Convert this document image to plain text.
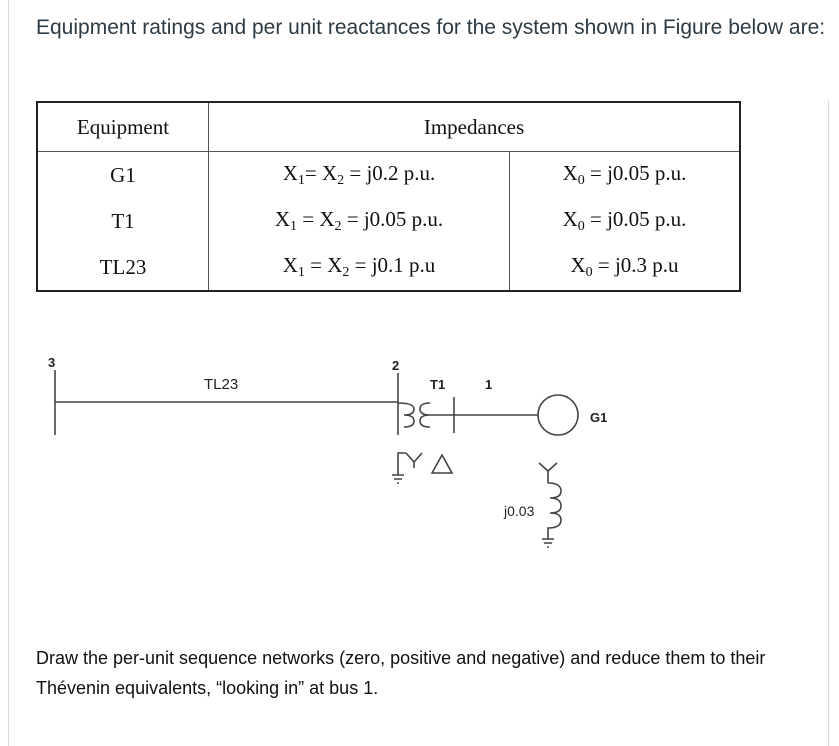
Equipment ratings and per unit reactances for the system shown in Figure below are:
Equipment	Impedances	
G1	$X_1= X_2 = j0.2$ p.u.	$X_0 = j0.05$ p.u.
T1	$X_1 = X_2 = j0.05$ p.u.	$X_0 = j0.05$ p.u.
TL23	$X_1 = X_2 = j0.1$ p.u	$X_0 = j0.3$ p.u
3
TL23
2
T1	1
G1
j0.03
Draw the per-unit sequence networks (zero, positive and negative) and reduce them to their Thévenin equivalents, “looking in” at bus 1.
